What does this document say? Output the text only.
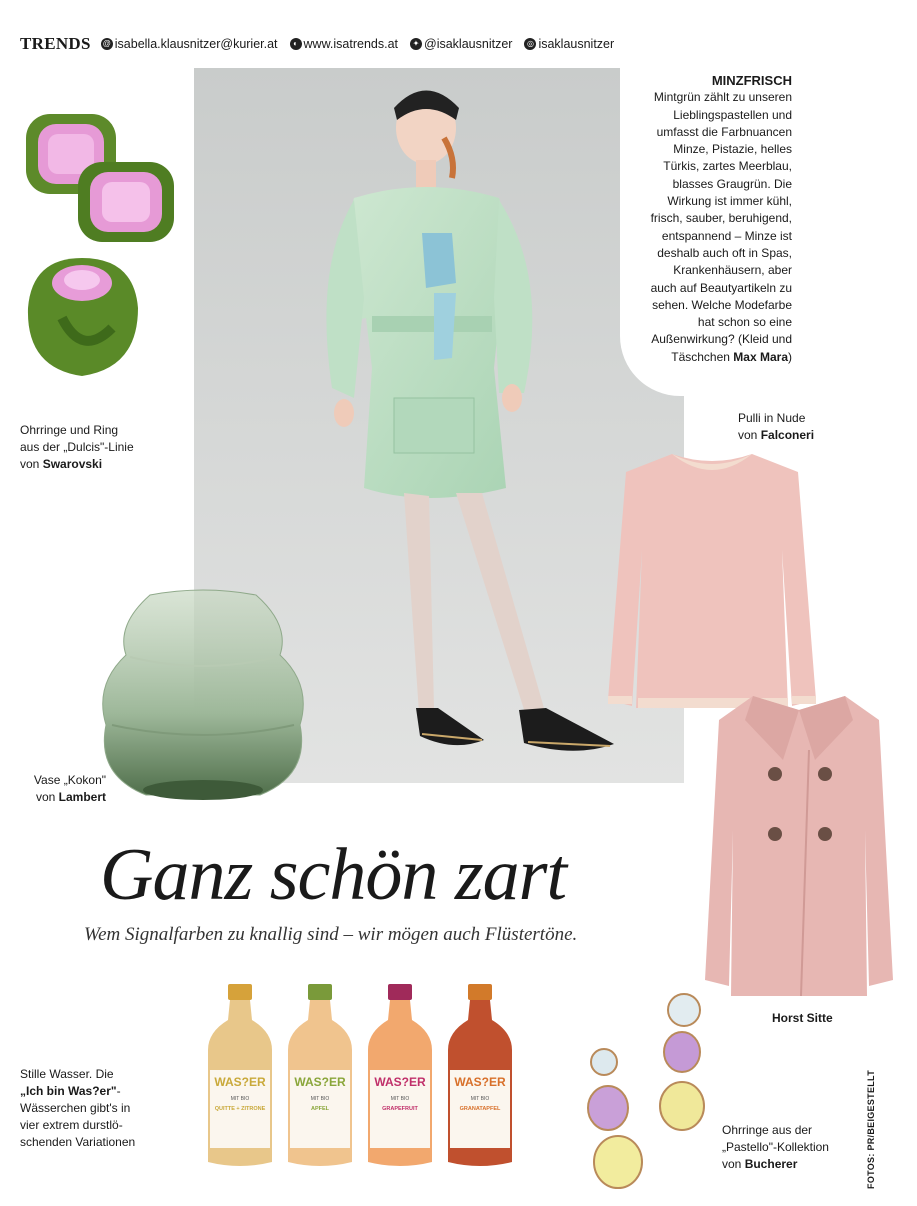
TRENDS @ isabella.klausnitzer@kurier.at	◐ www.isatrends.at	✦ @isaklausnitzer	◎ isaklausnitzer
MINZFRISCH
Mintgrün zählt zu unseren
Lieblingspastellen und
umfasst die Farbnuancen
Minze, Pistazie, helles
Türkis, zartes Meerblau,
blasses Graugrün. Die
Wirkung ist immer kühl,
frisch, sauber, beruhigend,
entspannend – Minze ist
deshalb auch oft in Spas,
Krankenhäusern, aber
auch auf Beautyartikeln zu
sehen. Welche Modefarbe
hat schon so eine
Außenwirkung? (Kleid und
Täschchen Max Mara)
Ohrringe und Ring
aus der „Dulcis"-Linie
von Swarovski
Pulli in Nude
von Falconeri
Horst Sitte
Vase „Kokon"
von Lambert
Ganz schön zart
Wem Signalfarben zu knallig sind – wir mögen auch Flüstertöne.
Stille Wasser. Die
„Ich bin Was?er"-
Wässerchen gibt's in
vier extrem durstlö-
schenden Variationen
WAS?ER
MIT BIO
QUITTE + ZITRONE
WAS?ER
MIT BIO
APFEL
WAS?ER
MIT BIO
GRAPEFRUIT
WAS?ER
MIT BIO
GRANATAPFEL
Ohrringe aus der
„Pastello"-Kollektion
von Bucherer	FOTOS: PR/BEIGESTELLT
